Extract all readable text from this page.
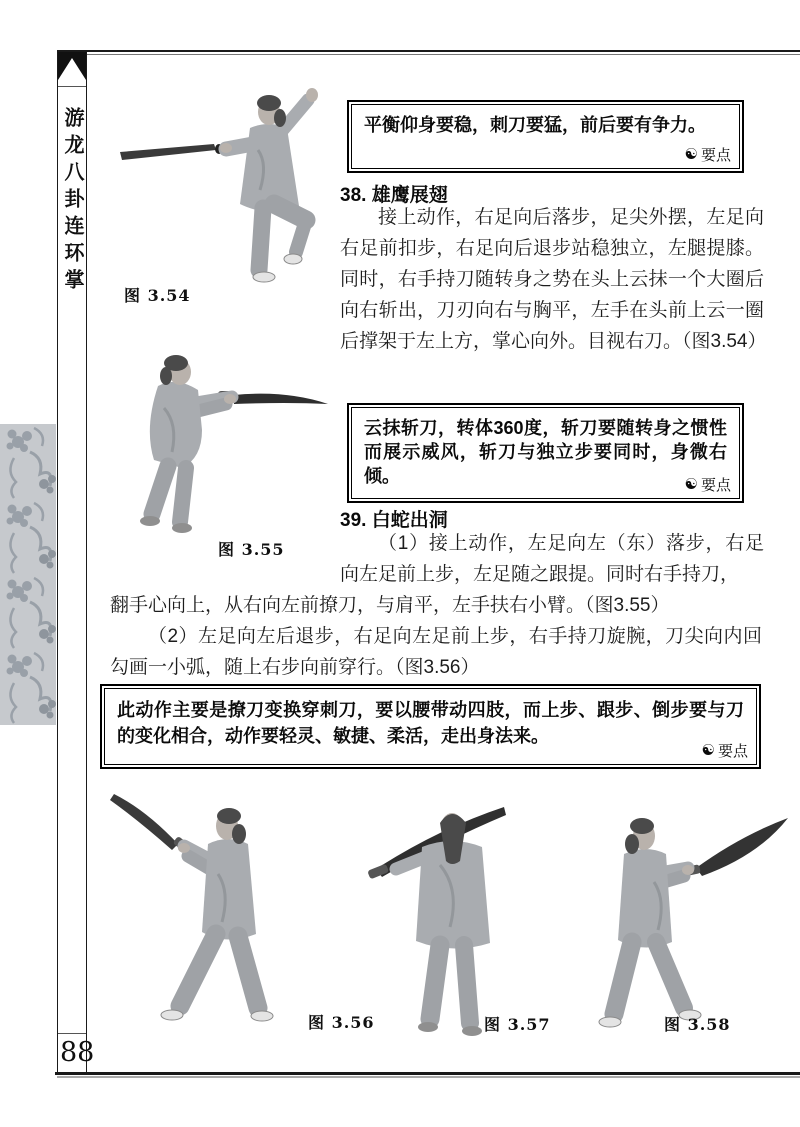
游龙八卦连环掌
88
图 3.54
图 3.55
平衡仰身要稳，刺刀要猛，前后要有争力。
☯ 要点
38. 雄鹰展翅
接上动作，右足向后落步，足尖外摆，左足向右足前扣步，右足向后退步站稳独立，左腿提膝。同时，右手持刀随转身之势在头上云抹一个大圈后向右斩出，刀刃向右与胸平，左手在头前上云一圈后撑架于左上方，掌心向外。目视右刀。（图3.54）
云抹斩刀，转体360度，斩刀要随转身之惯性而展示威风，斩刀与独立步要同时，身微右倾。	☯ 要点
39. 白蛇出洞
（1）接上动作，左足向左（东）落步，右足向左足前上步，左足随之跟提。同时右手持刀，
翻手心向上，从右向左前撩刀，与肩平，左手扶右小臂。（图3.55）
（2）左足向左后退步，右足向左足前上步，右手持刀旋腕，刀尖向内回勾画一小弧，随上右步向前穿行。（图3.56）
此动作主要是撩刀变换穿刺刀，要以腰带动四肢，而上步、跟步、倒步要与刀的变化相合，动作要轻灵、敏捷、柔活，走出身法来。
☯ 要点
图 3.56	图 3.57	图 3.58
